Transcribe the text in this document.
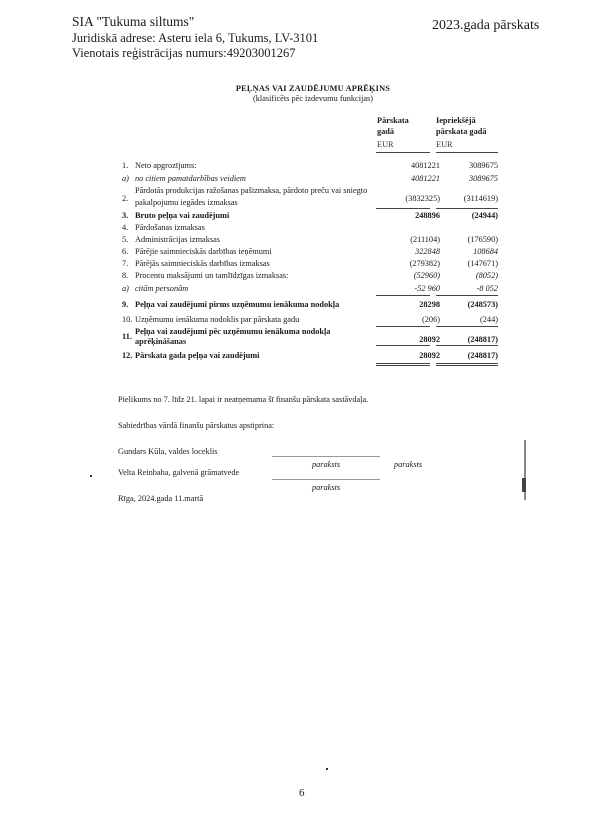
SIA "Tukuma siltums"
Juridiskā adrese: Asteru iela 6, Tukums, LV-3101
Vienotais reģistrācijas numurs:49203001267
2023.gada pārskats
PEĻŅAS VAI ZAUDĒJUMU APRĒĶINS
(klasificēts pēc izdevumu funkcijas)
Pārskata
gadā
EUR
Iepriekšējā
pārskata gadā
EUR
1. Neto apgrozījums:	4081221	3089675
a) no citiem pamatdarbības veidiem	4081221	3089675
2.
Pārdotās produkcijas ražošanas pašizmaksa, pārdoto preču vai sniegto
pakalpojumu iegādes izmaksas	(3832325)	(3114619)
3. Bruto peļņa vai zaudējumi	248896	(24944)
4. Pārdošanas izmaksas
5. Administrācijas izmaksas	(211104)	(176590)
6. Pārējie saimnieciskās darbības ieņēmumi	322848	108684
7. Pārējās saimnieciskās darbības izmaksas	(279382)	(147671)
8. Procentu maksājumi un tamlīdzīgas izmaksas:	(52960)	(8052)
a) citām personām	-52 960	-8 052
9. Peļņa vai zaudējumi pirms uzņēmumu ienākuma nodokļa	28298	(248573)
10. Uzņēmumu ienākuma nodoklis par pārskata gadu	(206)	(244)
11.
Peļņa vai zaudējumi pēc uzņēmumu ienākuma nodokļa
aprēķināšanas	28092	(248817)
12. Pārskata gada peļņa vai zaudējumi	28092	(248817)
Pielikums no 7. līdz 21. lapai ir neatņemama šī finanšu pārskata sastāvdaļa.
Sabiedrības vārdā finanšu pārskatus apstiprina:
Gundars Kūla, valdes loceklis
paraksts	paraksts
Velta Reinbaha, galvenā grāmatvede
paraksts
Rīga, 2024.gada 11.martā
6
